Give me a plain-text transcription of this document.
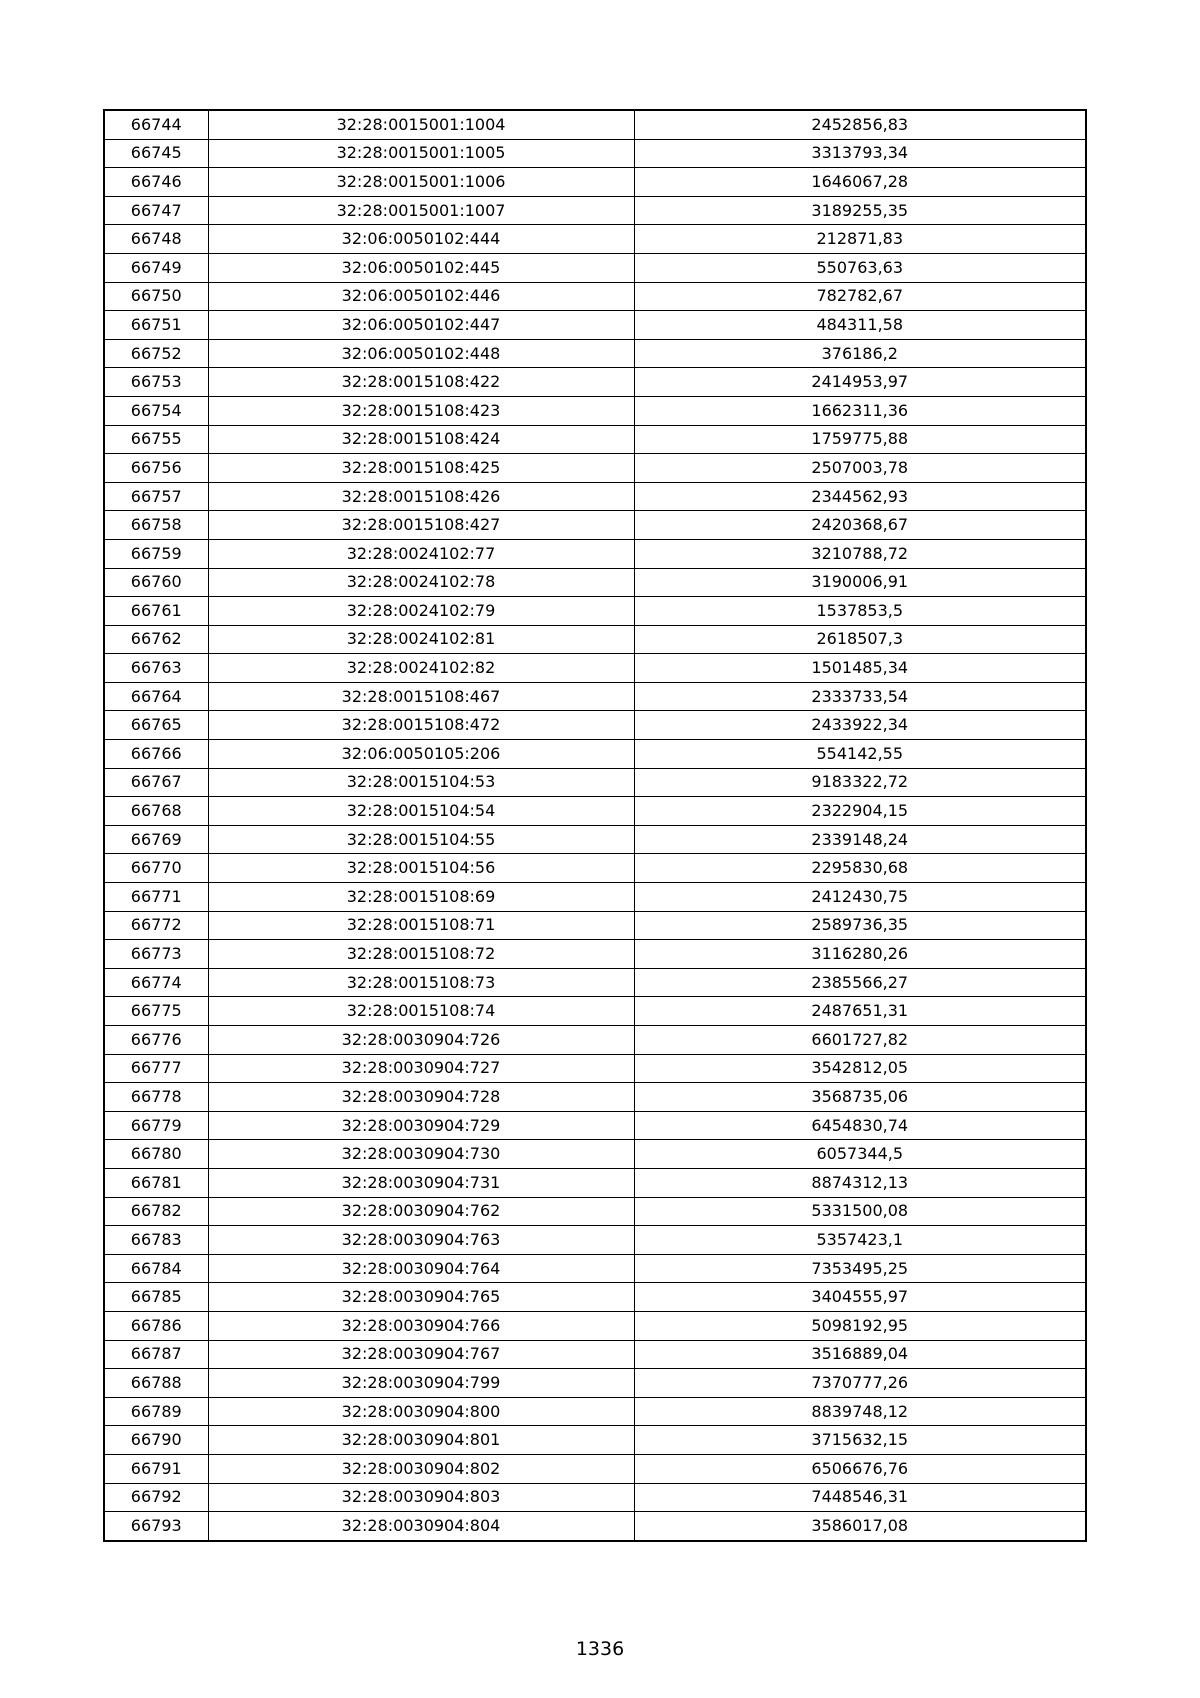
66744	32:28:0015001:1004	2452856,83
66745	32:28:0015001:1005	3313793,34
66746	32:28:0015001:1006	1646067,28
66747	32:28:0015001:1007	3189255,35
66748	32:06:0050102:444	212871,83
66749	32:06:0050102:445	550763,63
66750	32:06:0050102:446	782782,67
66751	32:06:0050102:447	484311,58
66752	32:06:0050102:448	376186,2
66753	32:28:0015108:422	2414953,97
66754	32:28:0015108:423	1662311,36
66755	32:28:0015108:424	1759775,88
66756	32:28:0015108:425	2507003,78
66757	32:28:0015108:426	2344562,93
66758	32:28:0015108:427	2420368,67
66759	32:28:0024102:77	3210788,72
66760	32:28:0024102:78	3190006,91
66761	32:28:0024102:79	1537853,5
66762	32:28:0024102:81	2618507,3
66763	32:28:0024102:82	1501485,34
66764	32:28:0015108:467	2333733,54
66765	32:28:0015108:472	2433922,34
66766	32:06:0050105:206	554142,55
66767	32:28:0015104:53	9183322,72
66768	32:28:0015104:54	2322904,15
66769	32:28:0015104:55	2339148,24
66770	32:28:0015104:56	2295830,68
66771	32:28:0015108:69	2412430,75
66772	32:28:0015108:71	2589736,35
66773	32:28:0015108:72	3116280,26
66774	32:28:0015108:73	2385566,27
66775	32:28:0015108:74	2487651,31
66776	32:28:0030904:726	6601727,82
66777	32:28:0030904:727	3542812,05
66778	32:28:0030904:728	3568735,06
66779	32:28:0030904:729	6454830,74
66780	32:28:0030904:730	6057344,5
66781	32:28:0030904:731	8874312,13
66782	32:28:0030904:762	5331500,08
66783	32:28:0030904:763	5357423,1
66784	32:28:0030904:764	7353495,25
66785	32:28:0030904:765	3404555,97
66786	32:28:0030904:766	5098192,95
66787	32:28:0030904:767	3516889,04
66788	32:28:0030904:799	7370777,26
66789	32:28:0030904:800	8839748,12
66790	32:28:0030904:801	3715632,15
66791	32:28:0030904:802	6506676,76
66792	32:28:0030904:803	7448546,31
66793	32:28:0030904:804	3586017,08
1336
